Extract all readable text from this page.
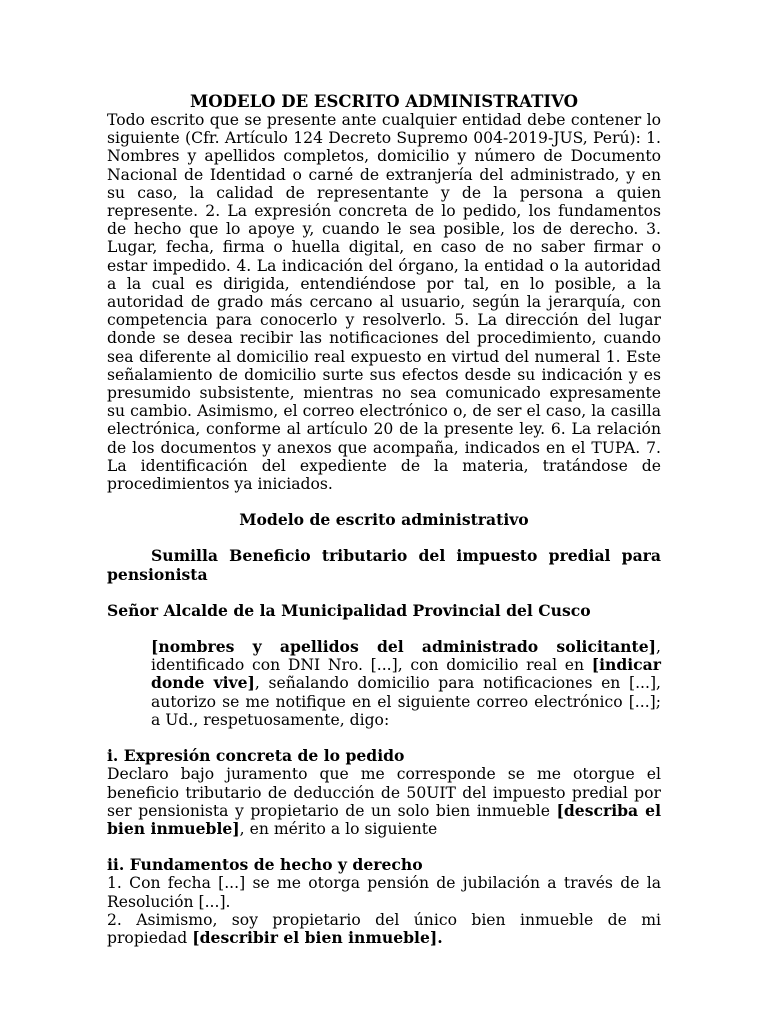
MODELO DE ESCRITO ADMINISTRATIVO

Todo escrito que se presente ante cualquier entidad debe contener lo siguiente (Cfr. Artículo 124 Decreto Supremo 004-2019-JUS, Perú): 1. Nombres y apellidos completos, domicilio y número de Documento Nacional de Identidad o carné de extranjería del administrado, y en su caso, la calidad de representante y de la persona a quien represente. 2. La expresión concreta de lo pedido, los fundamentos de hecho que lo apoye y, cuando le sea posible, los de derecho. 3. Lugar, fecha, firma o huella digital, en caso de no saber firmar o estar impedido. 4. La indicación del órgano, la entidad o la autoridad a la cual es dirigida, entendiéndose por tal, en lo posible, a la autoridad de grado más cercano al usuario, según la jerarquía, con competencia para conocerlo y resolverlo. 5. La dirección del lugar donde se desea recibir las notificaciones del procedimiento, cuando sea diferente al domicilio real expuesto en virtud del numeral 1. Este señalamiento de domicilio surte sus efectos desde su indicación y es presumido subsistente, mientras no sea comunicado expresamente su cambio. Asimismo, el correo electrónico o, de ser el caso, la casilla electrónica, conforme al artículo 20 de la presente ley. 6. La relación de los documentos y anexos que acompaña, indicados en el TUPA. 7. La identificación del expediente de la materia, tratándose de procedimientos ya iniciados.

Modelo de escrito administrativo

Sumilla Beneficio tributario del impuesto predial para pensionista

Señor Alcalde de la Municipalidad Provincial del Cusco

[nombres y apellidos del administrado solicitante], identificado con DNI Nro. [...], con domicilio real en [indicar donde vive], señalando domicilio para notificaciones en [...], autorizo se me notifique en el siguiente correo electrónico [...]; a Ud., respetuosamente, digo:

i. Expresión concreta de lo pedido

Declaro bajo juramento que me corresponde se me otorgue el beneficio tributario de deducción de 50UIT del impuesto predial por ser pensionista y propietario de un solo bien inmueble [describa el bien inmueble], en mérito a lo siguiente

ii. Fundamentos de hecho y derecho

1. Con fecha [...] se me otorga pensión de jubilación a través de la Resolución [...].

2. Asimismo, soy propietario del único bien inmueble de mi propiedad [describir el bien inmueble].
